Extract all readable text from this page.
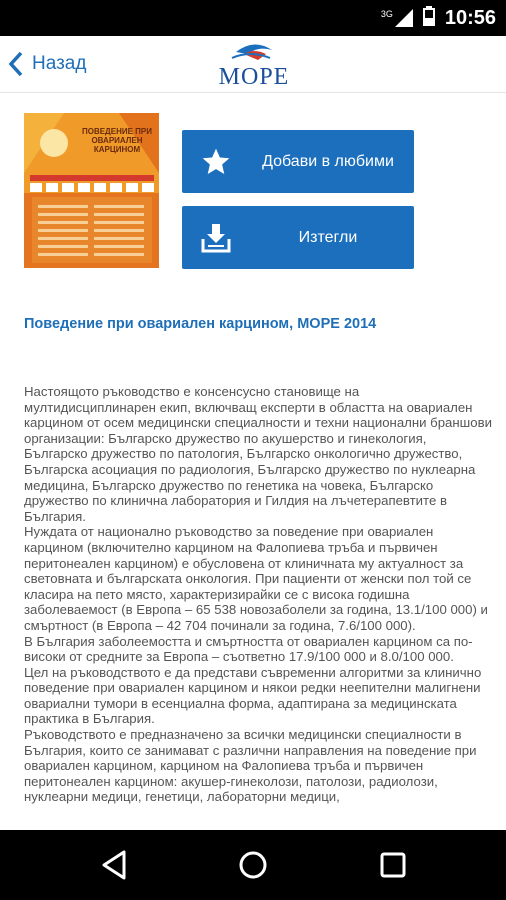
3G	10:56
Назад
МОРЕ
ПОВЕДЕНИЕ ПРИ
ОВАРИАЛЕН
КАРЦИНОМ
Добави в любими
Изтегли
Поведение при овариален карцином, МОРЕ 2014

Настоящото ръководство е консенсусно становище на мултидисциплинарен екип, включващ експерти в областта на овариален карцином от осем медицински специалности и техни национални браншови организации: Българско дружество по акушерство и гинекология, Българско дружество по патология, Българско онкологично дружество, Българска асоциация по радиология, Българско дружество по нуклеарна медицина, Българско дружество по генетика на човека, Българско дружество по клинична лаборатория и Гилдия на лъчетерапевтите в България.

Нуждата от национално ръководство за поведение при овариален карцином (включително карцином на Фалопиева тръба и първичен перитонеален карцином) е обусловена от клиничната му актуалност за световната и българската онкология. При пациенти от женски пол той се класира на пето място, характеризирайки се с висока годишна заболеваемост (в Европа – 65 538 новозаболели за година, 13.1/100 000) и смъртност (в Европа – 42 704 починали за година, 7.6/100 000).

В България заболеемостта и смъртността от овариален карцином са по-високи от средните за Европа – съответно 17.9/100 000 и 8.0/100 000.

Цел на ръководството е да представи съвременни алгоритми за клинично поведение при овариален карцином и някои редки неепителни малигнени овариални тумори в есенциална форма, адаптирана за медицинската практика в България.

Ръководството е предназначено за всички медицински специалности в България, които се занимават с различни направления на поведение при овариален карцином, карцином на Фалопиева тръба и първичен перитонеален карцином: акушер-гинеколози, патолози, радиолози, нуклеарни медици, генетици, лабораторни медици,
